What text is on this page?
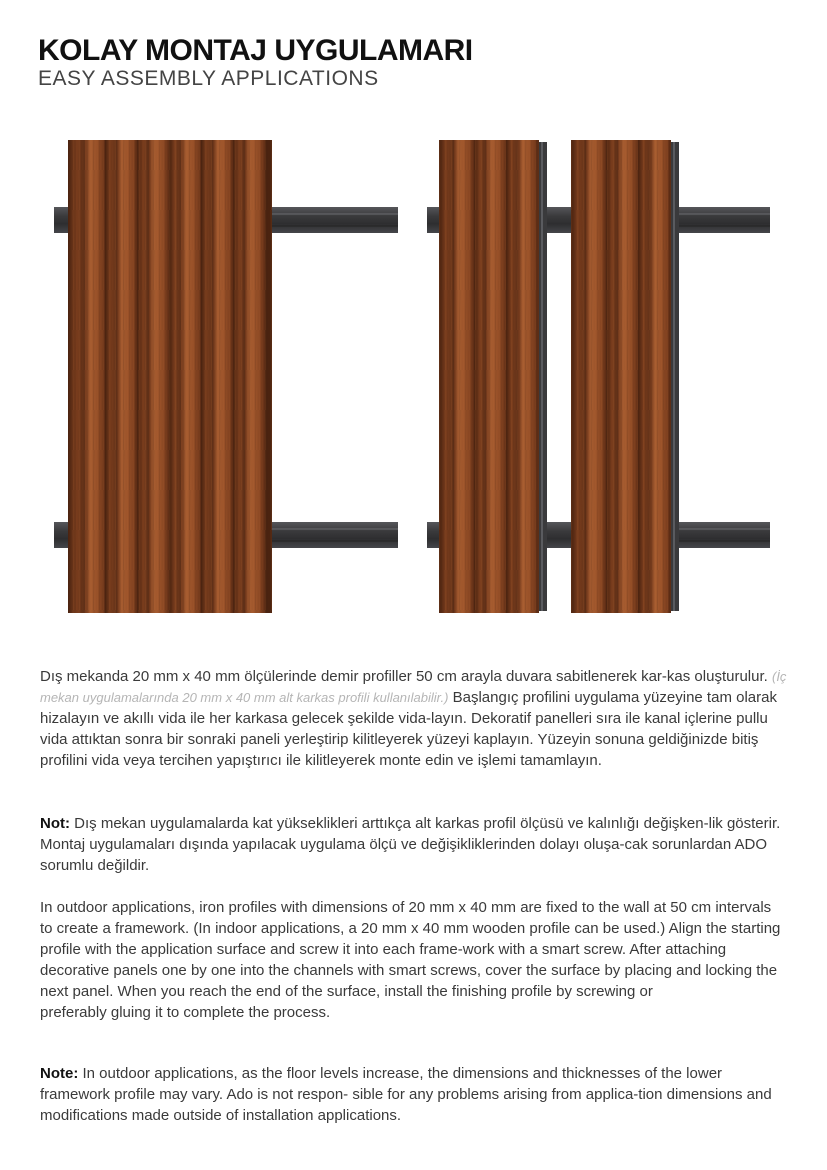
KOLAY MONTAJ UYGULAMARI
EASY ASSEMBLY APPLICATIONS

Dış mekanda 20 mm x 40 mm ölçülerinde demir profiller 50 cm arayla duvara sabitlenerek kar-kas oluşturulur. (İç mekan uygulamalarında 20 mm x 40 mm alt karkas profili kullanılabilir.) Başlangıç profilini uygulama yüzeyine tam olarak hizalayın ve akıllı vida ile her karkasa gelecek şekilde vida-layın. Dekoratif panelleri sıra ile kanal içlerine pullu vida attıktan sonra bir sonraki paneli yerleştirip kilitleyerek yüzeyi kaplayın. Yüzeyin sonuna geldiğinizde bitiş profilini vida veya tercihen yapıştırıcı ile kilitleyerek monte edin ve işlemi tamamlayın.

Not: Dış mekan uygulamalarda kat yükseklikleri arttıkça alt karkas profil ölçüsü ve kalınlığı değişken-lik gösterir. Montaj uygulamaları dışında yapılacak uygulama ölçü ve değişikliklerinden dolayı oluşa-cak sorunlardan ADO sorumlu değildir.

In outdoor applications, iron profiles with dimensions of 20 mm x 40 mm are fixed to the wall at 50 cm intervals to create a framework. (In indoor applications, a 20 mm x 40 mm wooden profile can be used.) Align the starting profile with the application surface and screw it into each frame-work with a smart screw. After attaching decorative panels one by one into the channels with smart screws, cover the surface by placing and locking the next panel. When you reach the end of the surface, install the finishing profile by screwing or
preferably gluing it to complete the process.

Note: In outdoor applications, as the floor levels increase, the dimensions and thicknesses of the lower framework profile may vary. Ado is not respon- sible for any problems arising from applica-tion dimensions and modifications made outside of installation applications.
